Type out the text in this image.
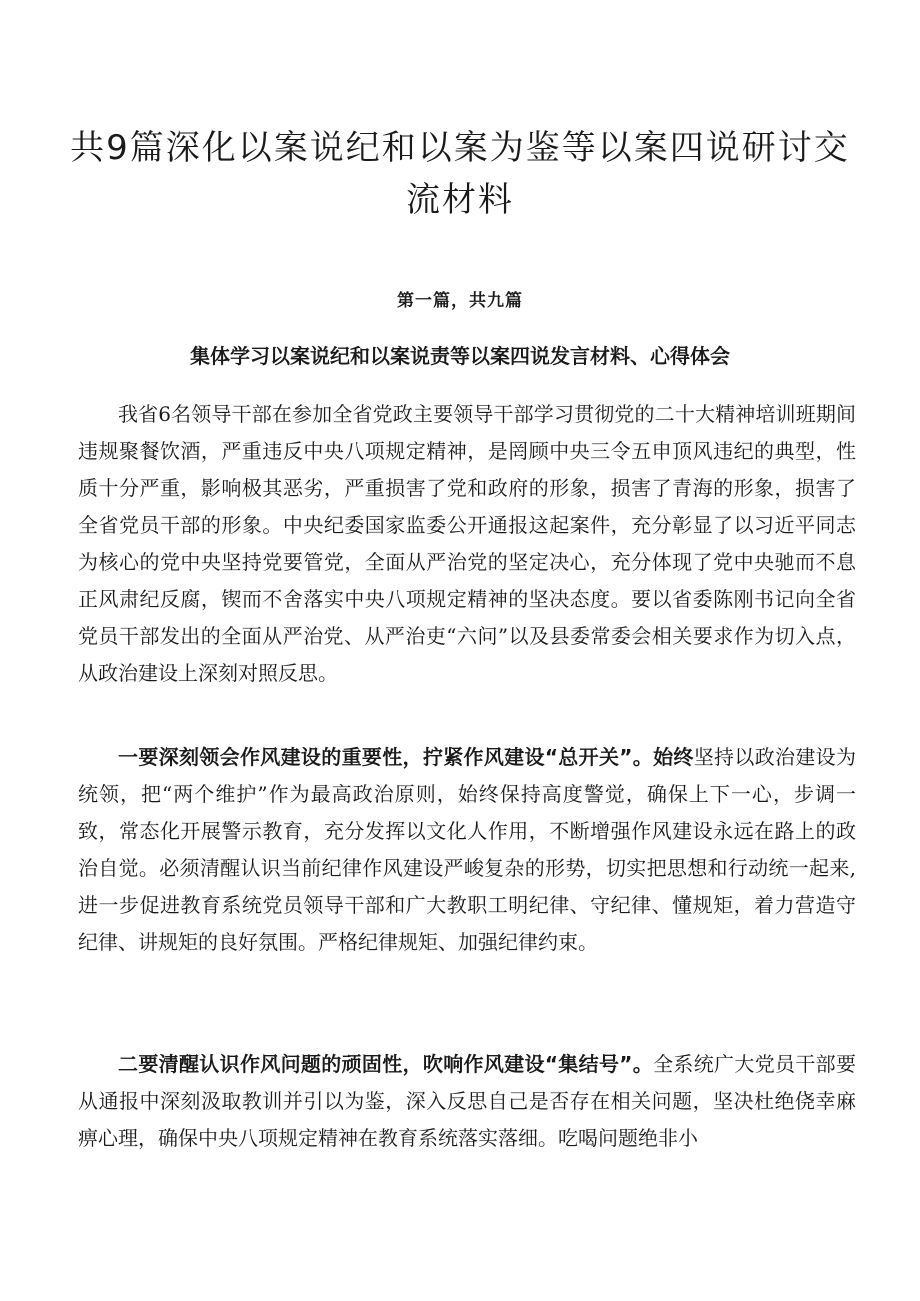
共9篇深化以案说纪和以案为鉴等以案四说研讨交流材料
第一篇，共九篇
集体学习以案说纪和以案说责等以案四说发言材料、心得体会

我省6名领导干部在参加全省党政主要领导干部学习贯彻党的二十大精神培训班期间违规聚餐饮酒，严重违反中央八项规定精神，是罔顾中央三令五申顶风违纪的典型，性质十分严重，影响极其恶劣，严重损害了党和政府的形象，损害了青海的形象，损害了全省党员干部的形象。中央纪委国家监委公开通报这起案件，充分彰显了以习近平同志为核心的党中央坚持党要管党，全面从严治党的坚定决心，充分体现了党中央驰而不息正风肃纪反腐，锲而不舍落实中央八项规定精神的坚决态度。要以省委陈刚书记向全省党员干部发出的全面从严治党、从严治吏“六问”以及县委常委会相关要求作为切入点，从政治建设上深刻对照反思。

一要深刻领会作风建设的重要性，拧紧作风建设“总开关”。始终坚持以政治建设为统领，把“两个维护”作为最高政治原则，始终保持高度警觉，确保上下一心，步调一致，常态化开展警示教育，充分发挥以文化人作用，不断增强作风建设永远在路上的政治自觉。必须清醒认识当前纪律作风建设严峻复杂的形势，切实把思想和行动统一起来,进一步促进教育系统党员领导干部和广大教职工明纪律、守纪律、懂规矩，着力营造守纪律、讲规矩的良好氛围。严格纪律规矩、加强纪律约束。

二要清醒认识作风问题的顽固性，吹响作风建设“集结号”。全系统广大党员干部要从通报中深刻汲取教训并引以为鉴，深入反思自己是否存在相关问题，坚决杜绝侥幸麻痹心理，确保中央八项规定精神在教育系统落实落细。吃喝问题绝非小
